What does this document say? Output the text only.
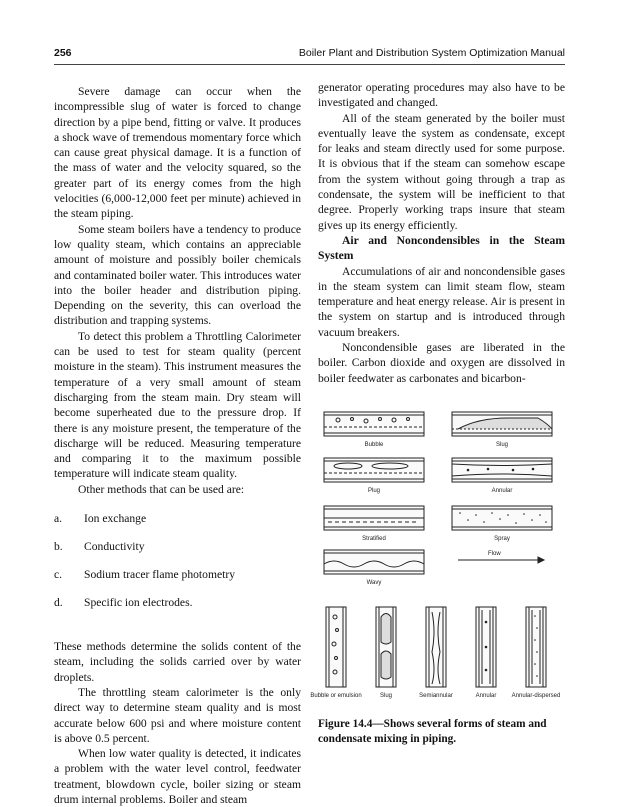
256	Boiler Plant and Distribution System Optimization Manual

Severe damage can occur when the incompressible slug of water is forced to change direction by a pipe bend, fitting or valve. It produces a shock wave of tremendous momentary force which can cause great physical damage. It is a function of the mass of water and the velocity squared, so the greater part of its energy comes from the high velocities (6,000-12,000 feet per minute) achieved in the steam piping.

Some steam boilers have a tendency to produce low quality steam, which contains an appreciable amount of moisture and possibly boiler chemicals and contaminated boiler water. This introduces water into the boiler header and distribution piping. Depending on the severity, this can overload the distribution and trapping systems.

To detect this problem a Throttling Calorimeter can be used to test for steam quality (percent moisture in the steam). This instrument measures the temperature of a very small amount of steam discharging from the steam main. Dry steam will become superheated due to the pressure drop. If there is any moisture present, the temperature of the discharge will be reduced. Measuring temperature and comparing it to the maximum possible temperature will indicate steam quality.

Other methods that can be used are:

a.	Ion exchange
b.	Conductivity
c.	Sodium tracer flame photometry
d.	Specific ion electrodes.

These methods determine the solids content of the steam, including the solids carried over by water droplets.

The throttling steam calorimeter is the only direct way to determine steam quality and is most accurate below 600 psi and where moisture content is above 0.5 percent.

When low water quality is detected, it indicates a problem with the water level control, feedwater treatment, blowdown cycle, boiler sizing or steam drum internal problems. Boiler and steam

generator operating procedures may also have to be investigated and changed.

All of the steam generated by the boiler must eventually leave the system as condensate, except for leaks and steam directly used for some purpose. It is obvious that if the steam can somehow escape from the system without going through a trap as condensate, the system will be inefficient to that degree. Properly working traps insure that steam gives up its energy efficiently.

Air and Noncondensibles in the Steam System

Accumulations of air and noncondensible gases in the steam system can limit steam flow, steam temperature and heat energy release. Air is present in the system on startup and is introduced through vacuum breakers.

Noncondensible gases are liberated in the boiler. Carbon dioxide and oxygen are dissolved in boiler feedwater as carbonates and bicarbon-

Bubble	Slug
Plug	Annular
Stratified	Spray
Wavy
Flow
Bubble or emulsion	Slug	Semiannular	Annular	Annular-dispersed
Figure 14.4—Shows several forms of steam and condensate mixing in piping.
